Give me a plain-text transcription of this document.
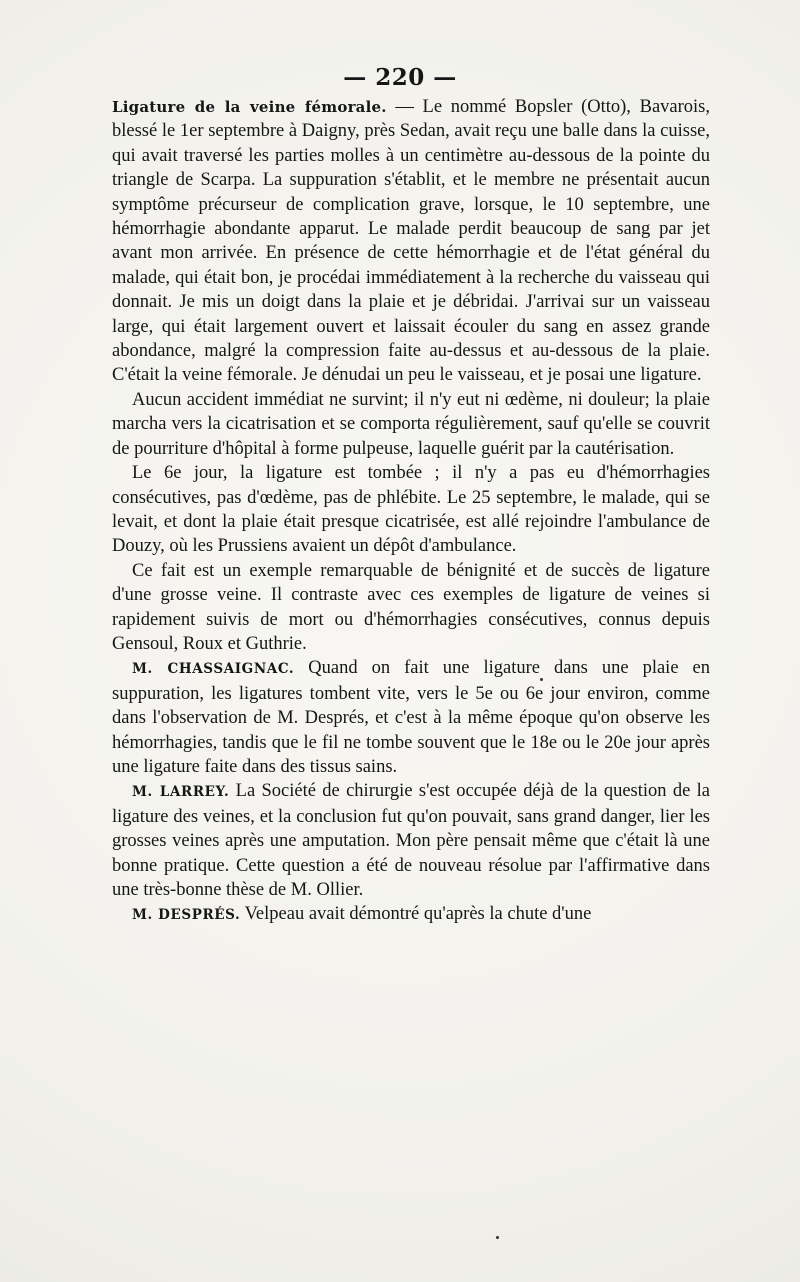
— 220 —

Ligature de la veine fémorale. — Le nommé Bopsler (Otto), Bavarois, blessé le 1er septembre à Daigny, près Sedan, avait reçu une balle dans la cuisse, qui avait traversé les parties molles à un centimètre au-dessous de la pointe du triangle de Scarpa. La suppuration s'établit, et le membre ne présentait aucun symptôme précurseur de complication grave, lorsque, le 10 septembre, une hémorrhagie abondante apparut. Le malade perdit beaucoup de sang par jet avant mon arrivée. En présence de cette hémorrhagie et de l'état général du malade, qui était bon, je procédai immédiatement à la recherche du vaisseau qui donnait. Je mis un doigt dans la plaie et je débridai. J'arrivai sur un vaisseau large, qui était largement ouvert et laissait écouler du sang en assez grande abondance, malgré la compression faite au-dessus et au-dessous de la plaie. C'était la veine fémorale. Je dénudai un peu le vaisseau, et je posai une ligature.

Aucun accident immédiat ne survint; il n'y eut ni œdème, ni douleur; la plaie marcha vers la cicatrisation et se comporta régulièrement, sauf qu'elle se couvrit de pourriture d'hôpital à forme pulpeuse, laquelle guérit par la cautérisation.

Le 6e jour, la ligature est tombée ; il n'y a pas eu d'hémorrhagies consécutives, pas d'œdème, pas de phlébite. Le 25 septembre, le malade, qui se levait, et dont la plaie était presque cicatrisée, est allé rejoindre l'ambulance de Douzy, où les Prussiens avaient un dépôt d'ambulance.

Ce fait est un exemple remarquable de bénignité et de succès de ligature d'une grosse veine. Il contraste avec ces exemples de ligature de veines si rapidement suivis de mort ou d'hémorrhagies consécutives, connus depuis Gensoul, Roux et Guthrie.

M. CHASSAIGNAC. Quand on fait une ligature dans une plaie en suppuration, les ligatures tombent vite, vers le 5e ou 6e jour environ, comme dans l'observation de M. Després, et c'est à la même époque qu'on observe les hémorrhagies, tandis que le fil ne tombe souvent que le 18e ou le 20e jour après une ligature faite dans des tissus sains.

M. LARREY. La Société de chirurgie s'est occupée déjà de la question de la ligature des veines, et la conclusion fut qu'on pouvait, sans grand danger, lier les grosses veines après une amputation. Mon père pensait même que c'était là une bonne pratique. Cette question a été de nouveau résolue par l'affirmative dans une très-bonne thèse de M. Ollier.

M. DESPRÉS. Velpeau avait démontré qu'après la chute d'une
